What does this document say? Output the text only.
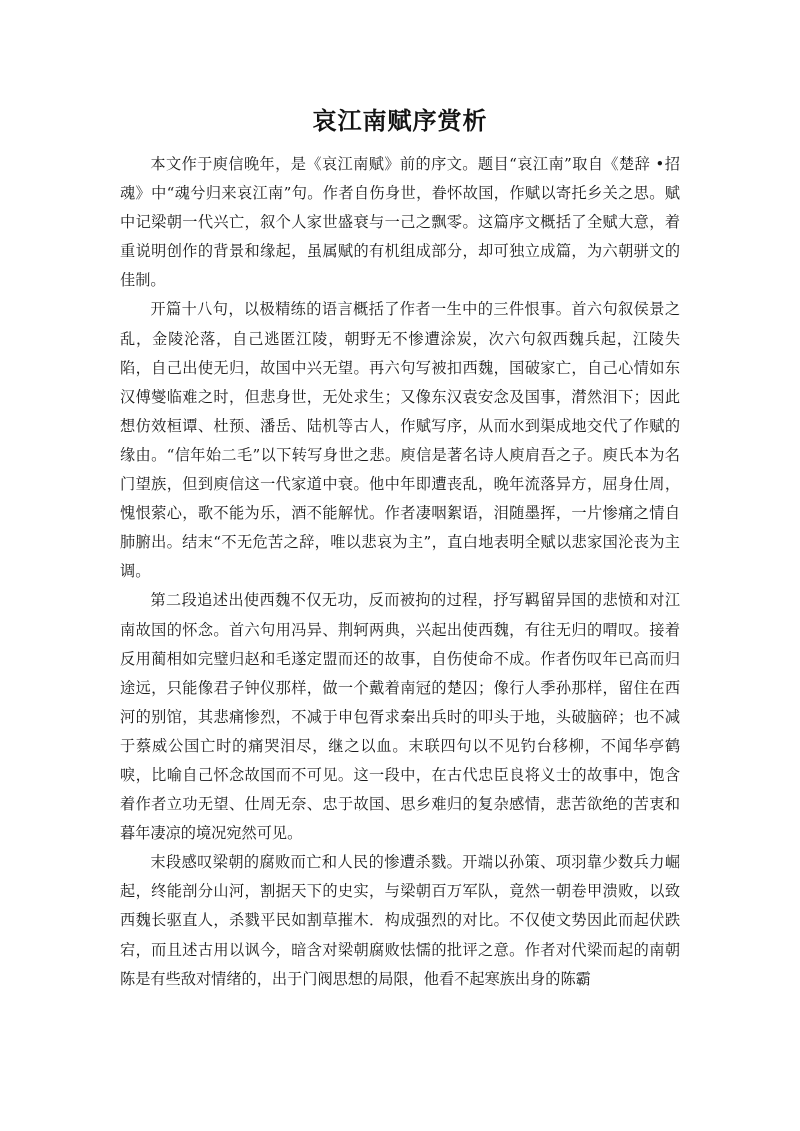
哀江南赋序赏析

本文作于庾信晚年，是《哀江南赋》前的序文。题目“哀江南”取自《楚辞 •招魂》中“魂兮归来哀江南”句。作者自伤身世，眷怀故国，作赋以寄托乡关之思。赋中记梁朝一代兴亡，叙个人家世盛衰与一己之飘零。这篇序文概括了全赋大意，着重说明创作的背景和缘起，虽属赋的有机组成部分，却可独立成篇，为六朝骈文的佳制。

开篇十八句，以极精练的语言概括了作者一生中的三件恨事。首六句叙侯景之乱，金陵沦落，自己逃匿江陵，朝野无不惨遭涂炭，次六句叙西魏兵起，江陵失陷，自己出使无归，故国中兴无望。再六句写被扣西魏，国破家亡，自己心情如东汉傅燮临难之时，但悲身世，无处求生；又像东汉袁安念及国事，潸然泪下；因此想仿效桓谭、杜预、潘岳、陆机等古人，作赋写序，从而水到渠成地交代了作赋的缘由。“信年始二毛”以下转写身世之悲。庾信是著名诗人庾肩吾之子。庾氏本为名门望族，但到庾信这一代家道中衰。他中年即遭丧乱，晚年流落异方，屈身仕周，愧恨萦心，歌不能为乐，酒不能解忧。作者凄咽絮语，泪随墨挥，一片惨痛之情自肺腑出。结末“不无危苦之辞，唯以悲哀为主”，直白地表明全赋以悲家国沦丧为主调。

第二段追述出使西魏不仅无功，反而被拘的过程，抒写羁留异国的悲愤和对江南故国的怀念。首六句用冯异、荆轲两典，兴起出使西魏，有往无归的喟叹。接着反用蔺相如完璧归赵和毛遂定盟而还的故事，自伤使命不成。作者伤叹年已高而归途远，只能像君子钟仪那样，做一个戴着南冠的楚囚；像行人季孙那样，留住在西河的别馆，其悲痛惨烈，不减于申包胥求秦出兵时的叩头于地，头破脑碎；也不减于蔡威公国亡时的痛哭泪尽，继之以血。末联四句以不见钓台移柳，不闻华亭鹤唳，比喻自己怀念故国而不可见。这一段中，在古代忠臣良将义士的故事中，饱含着作者立功无望、仕周无奈、忠于故国、思乡难归的复杂感情，悲苦欲绝的苦衷和暮年凄凉的境况宛然可见。

末段感叹梁朝的腐败而亡和人民的惨遭杀戮。开端以孙策、项羽靠少数兵力崛起，终能剖分山河，割据天下的史实，与梁朝百万军队，竟然一朝卷甲溃败，以致西魏长驱直人，杀戮平民如割草摧木．构成强烈的对比。不仅使文势因此而起伏跌宕，而且述古用以讽今，暗含对梁朝腐败怯懦的批评之意。作者对代梁而起的南朝陈是有些敌对情绪的，出于门阀思想的局限，他看不起寒族出身的陈霸
